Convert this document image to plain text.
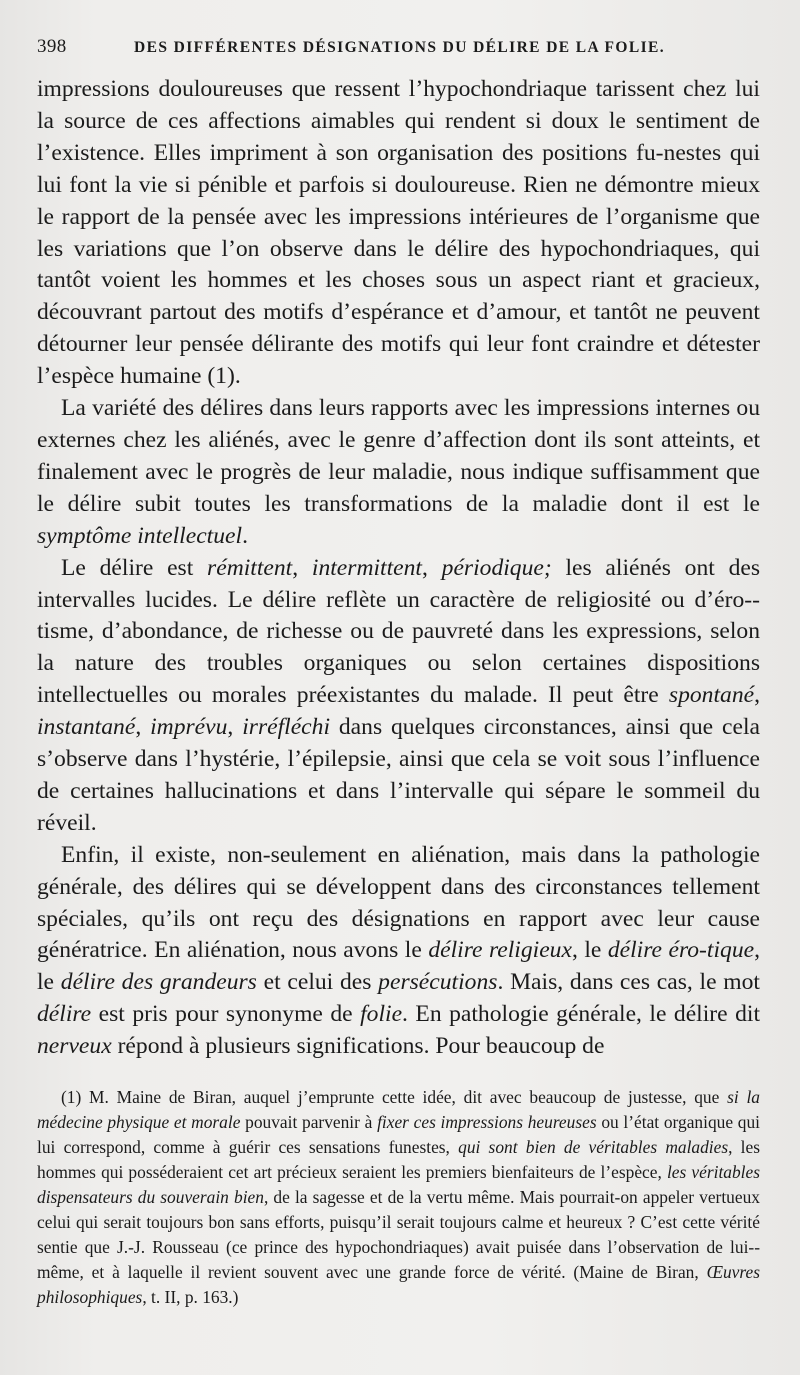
398	DES DIFFÉRENTES DÉSIGNATIONS DU DÉLIRE DE LA FOLIE.

impressions douloureuses que ressent l’hypochondriaque tarissent chez lui la source de ces affections aimables qui rendent si doux le sentiment de l’existence. Elles impriment à son organisation des positions fu-nestes qui lui font la vie si pénible et parfois si douloureuse. Rien ne démontre mieux le rapport de la pensée avec les impressions intérieures de l’organisme que les variations que l’on observe dans le délire des hypochondriaques, qui tantôt voient les hommes et les choses sous un aspect riant et gracieux, découvrant partout des motifs d’espérance et d’amour, et tantôt ne peuvent détourner leur pensée délirante des motifs qui leur font craindre et détester l’espèce humaine (1).

La variété des délires dans leurs rapports avec les impressions internes ou externes chez les aliénés, avec le genre d’affection dont ils sont atteints, et finalement avec le progrès de leur maladie, nous indique suffisamment que le délire subit toutes les transformations de la maladie dont il est le symptôme intellectuel.

Le délire est rémittent, intermittent, périodique; les aliénés ont des intervalles lucides. Le délire reflète un caractère de religiosité ou d’éro-tisme, d’abondance, de richesse ou de pauvreté dans les expressions, selon la nature des troubles organiques ou selon certaines dispositions intellectuelles ou morales préexistantes du malade. Il peut être spontané, instantané, imprévu, irréfléchi dans quelques circonstances, ainsi que cela s’observe dans l’hystérie, l’épilepsie, ainsi que cela se voit sous l’influence de certaines hallucinations et dans l’intervalle qui sépare le sommeil du réveil.

Enfin, il existe, non-seulement en aliénation, mais dans la pathologie générale, des délires qui se développent dans des circonstances tellement spéciales, qu’ils ont reçu des désignations en rapport avec leur cause génératrice. En aliénation, nous avons le délire religieux, le délire éro-tique, le délire des grandeurs et celui des persécutions. Mais, dans ces cas, le mot délire est pris pour synonyme de folie. En pathologie générale, le délire dit nerveux répond à plusieurs significations. Pour beaucoup de

(1) M. Maine de Biran, auquel j’emprunte cette idée, dit avec beaucoup de justesse, que si la médecine physique et morale pouvait parvenir à fixer ces impressions heureuses ou l’état organique qui lui correspond, comme à guérir ces sensations funestes, qui sont bien de véritables maladies, les hommes qui posséderaient cet art précieux seraient les premiers bienfaiteurs de l’espèce, les véritables dispensateurs du souverain bien, de la sagesse et de la vertu même. Mais pourrait-on appeler vertueux celui qui serait toujours bon sans efforts, puisqu’il serait toujours calme et heureux ? C’est cette vérité sentie que J.-J. Rousseau (ce prince des hypochondriaques) avait puisée dans l’observation de lui-même, et à laquelle il revient souvent avec une grande force de vérité. (Maine de Biran, Œuvres philosophiques, t. II, p. 163.)
